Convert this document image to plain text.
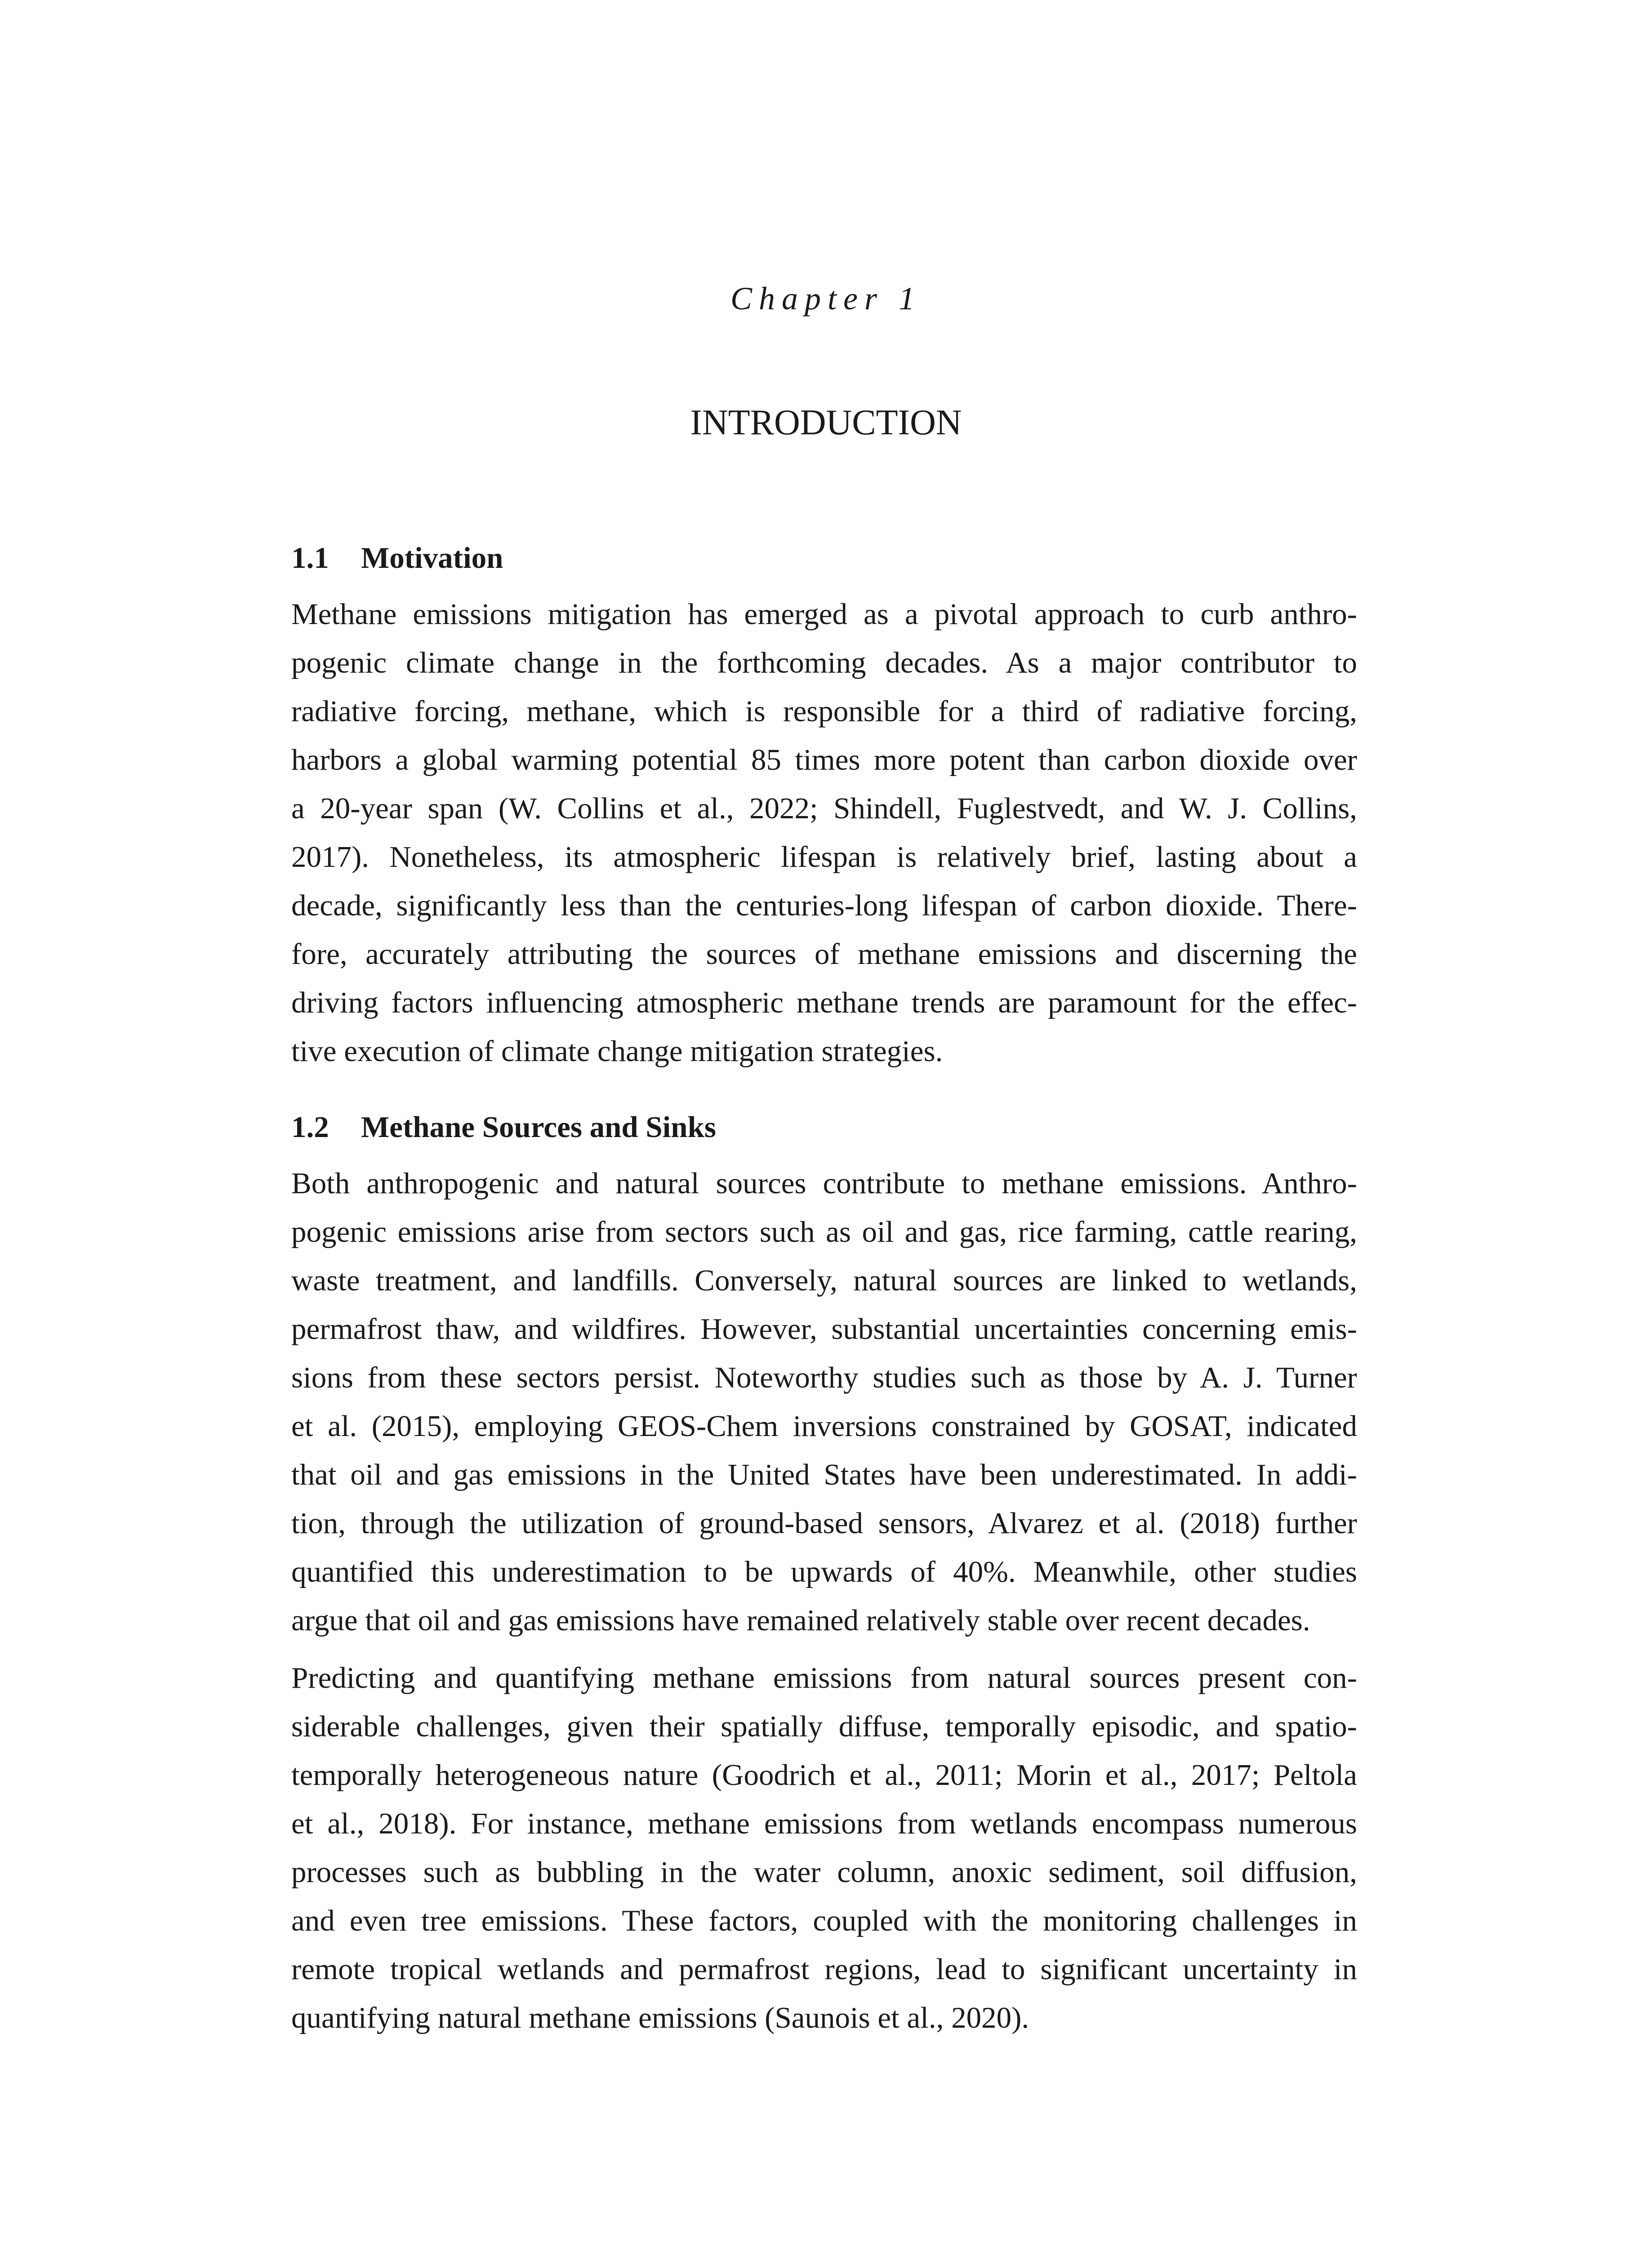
Chapter 1
INTRODUCTION
1.1 Motivation
Methane emissions mitigation has emerged as a pivotal approach to curb anthro-
pogenic climate change in the forthcoming decades. As a major contributor to
radiative forcing, methane, which is responsible for a third of radiative forcing,
harbors a global warming potential 85 times more potent than carbon dioxide over
a 20-year span (W. Collins et al., 2022; Shindell, Fuglestvedt, and W. J. Collins,
2017). Nonetheless, its atmospheric lifespan is relatively brief, lasting about a
decade, significantly less than the centuries-long lifespan of carbon dioxide. There-
fore, accurately attributing the sources of methane emissions and discerning the
driving factors influencing atmospheric methane trends are paramount for the effec-
tive execution of climate change mitigation strategies.
1.2 Methane Sources and Sinks
Both anthropogenic and natural sources contribute to methane emissions. Anthro-
pogenic emissions arise from sectors such as oil and gas, rice farming, cattle rearing,
waste treatment, and landfills. Conversely, natural sources are linked to wetlands,
permafrost thaw, and wildfires. However, substantial uncertainties concerning emis-
sions from these sectors persist. Noteworthy studies such as those by A. J. Turner
et al. (2015), employing GEOS-Chem inversions constrained by GOSAT, indicated
that oil and gas emissions in the United States have been underestimated. In addi-
tion, through the utilization of ground-based sensors, Alvarez et al. (2018) further
quantified this underestimation to be upwards of 40%. Meanwhile, other studies
argue that oil and gas emissions have remained relatively stable over recent decades.
Predicting and quantifying methane emissions from natural sources present con-
siderable challenges, given their spatially diffuse, temporally episodic, and spatio-
temporally heterogeneous nature (Goodrich et al., 2011; Morin et al., 2017; Peltola
et al., 2018). For instance, methane emissions from wetlands encompass numerous
processes such as bubbling in the water column, anoxic sediment, soil diffusion,
and even tree emissions. These factors, coupled with the monitoring challenges in
remote tropical wetlands and permafrost regions, lead to significant uncertainty in
quantifying natural methane emissions (Saunois et al., 2020).
